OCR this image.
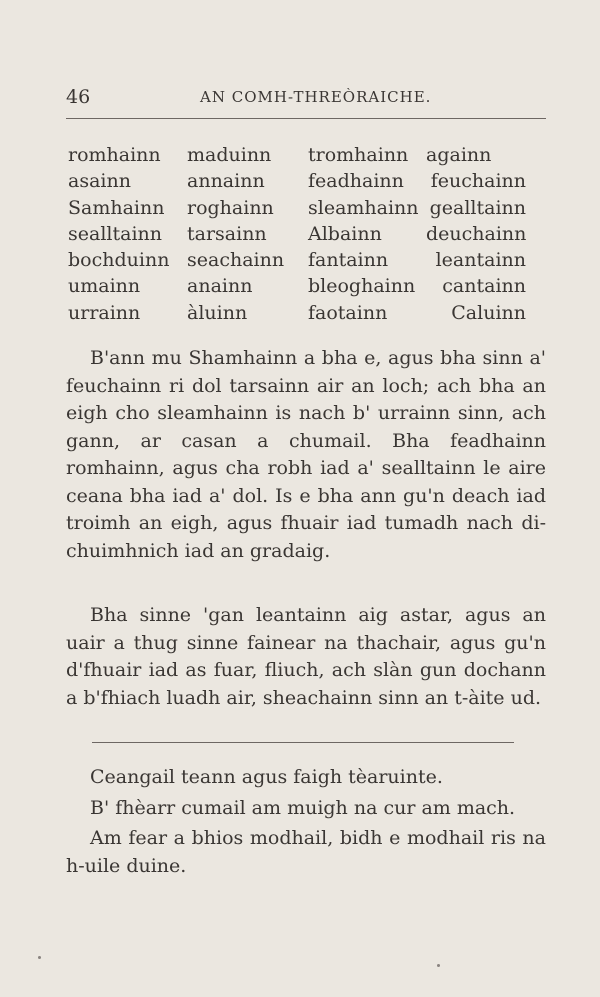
46	AN COMH-THREÒRAICHE.
romhainn
asainn
Samhainn
sealltainn
bochduinn
umainn
urrainn
maduinn
annainn
roghainn
tarsainn
seachainn
anainn
àluinn
tromhainn
feadhainn
sleamhainn
Albainn
fantainn
bleoghainn
faotainn
againn
feuchainn
gealltainn
deuchainn
leantainn
cantainn
Caluinn

B'ann mu Shamhainn a bha e, agus bha sinn a' feuchainn ri dol tarsainn air an loch; ach bha an eigh cho sleamhainn is nach b' urrainn sinn, ach gann, ar casan a chumail. Bha feadhainn romhainn, agus cha robh iad a' sealltainn le aire ceana bha iad a' dol. Is e bha ann gu'n deach iad troimh an eigh, agus fhuair iad tumadh nach di-chuimhnich iad an gradaig.

Bha sinne 'gan leantainn aig astar, agus an uair a thug sinne fainear na thachair, agus gu'n d'fhuair iad as fuar, fliuch, ach slàn gun dochann a b'fhiach luadh air, sheachainn sinn an t-àite ud.

Ceangail teann agus faigh tèaruinte.
B' fhèarr cumail am muigh na cur am mach.
Am fear a bhios modhail, bidh e modhail ris na h-uile duine.
